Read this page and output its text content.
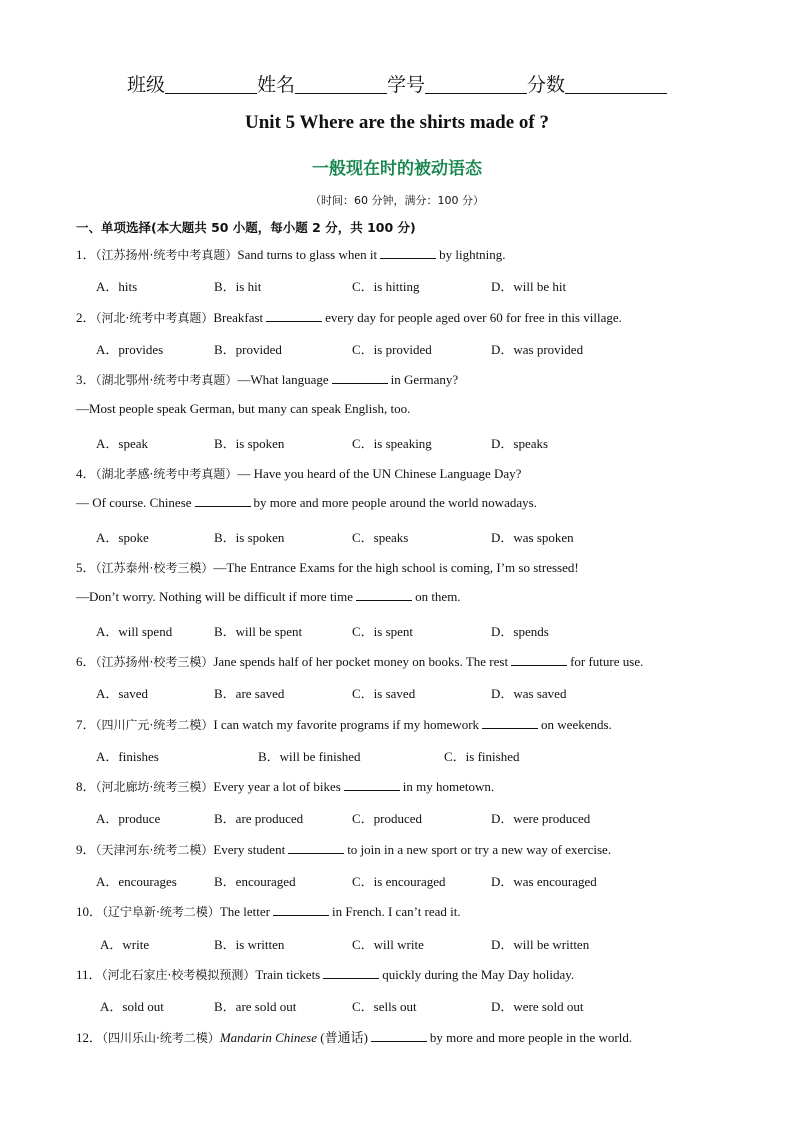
班级	姓名	学号	分数
Unit 5 Where are the shirts made of ?
一般现在时的被动语态
（时间：60 分钟，满分：100 分）
一、单项选择(本大题共 50 小题，每小题 2 分，共 100 分)
1．（江苏扬州·统考中考真题）Sand turns to glass when it	by lightning.
A．hits	B．is hit	C．is hitting	D．will be hit
2．（河北·统考中考真题）Breakfast	every day for people aged over 60 for free in this village.
A．provides	B．provided	C．is provided	D．was provided
3．（湖北鄂州·统考中考真题）—What language	in Germany?
—Most people speak German, but many can speak English, too.
A．speak	B．is spoken	C．is speaking	D．speaks
4．（湖北孝感·统考中考真题）— Have you heard of the UN Chinese Language Day?
— Of course. Chinese	by more and more people around the world nowadays.
A．spoke	B．is spoken	C．speaks	D．was spoken
5．（江苏泰州·校考三模）—The Entrance Exams for the high school is coming, I’m so stressed!
—Don’t worry. Nothing will be difficult if more time	on them.
A．will spend	B．will be spent	C．is spent	D．spends
6．（江苏扬州·校考三模）Jane spends half of her pocket money on books. The rest	for future use.
A．saved	B．are saved	C．is saved	D．was saved
7．（四川广元·统考二模）I can watch my favorite programs if my homework	on weekends.
A．finishes	B．will be finished	C．is finished
8．（河北廊坊·统考三模）Every year a lot of bikes	in my hometown.
A．produce	B．are produced	C．produced	D．were produced
9．（天津河东·统考二模）Every student	to join in a new sport or try a new way of exercise.
A．encourages	B．encouraged	C．is encouraged	D．was encouraged
10．（辽宁阜新·统考二模）The letter	in French. I can’t read it.
A．write	B．is written	C．will write	D．will be written
11．（河北石家庄·校考模拟预测）Train tickets	quickly during the May Day holiday.
A．sold out	B．are sold out	C．sells out	D．were sold out
12．（四川乐山·统考二模）Mandarin Chinese (普通话)	by more and more people in the world.
